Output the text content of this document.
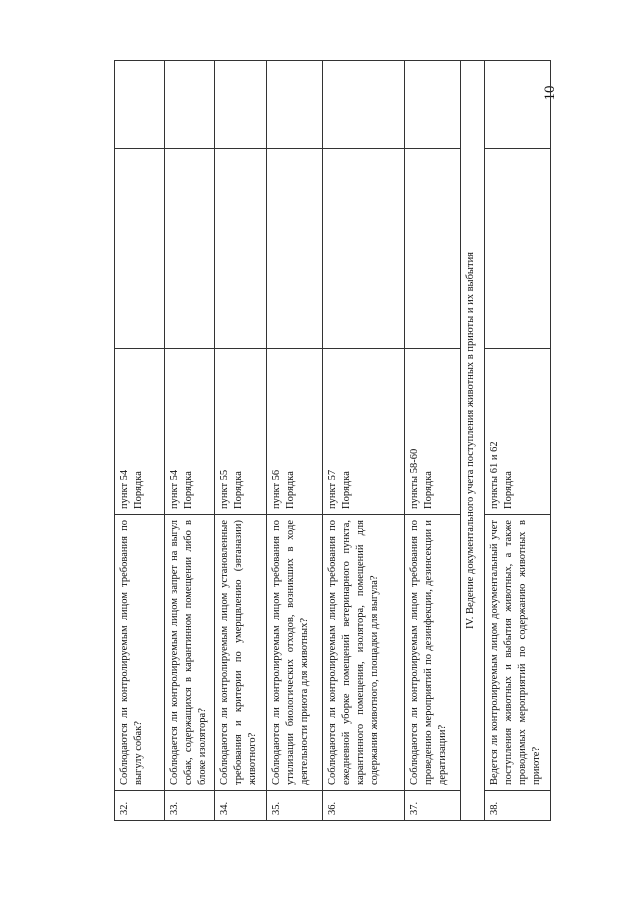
10
32.	Соблюдаются ли контролируемым лицом требования по выгулу собак?	пункт 54
Порядка		
33.	Соблюдается ли контролируемым лицом запрет на выгул собак, содержащихся в карантинном помещении либо в блоке изолятора?	пункт 54
Порядка		
34.	Соблюдаются ли контролируемым лицом установленные требования и критерии по умерщвлению (эвтаназии) животного?	пункт 55
Порядка		
35.	Соблюдаются ли контролируемым лицом требования по утилизации биологических отходов, возникших в ходе деятельности приюта для животных?	пункт 56
Порядка		
36.	Соблюдаются ли контролируемым лицом требования по ежедневной уборке помещений ветеринарного пункта, карантинного помещения, изолятора, помещений для содержания животного, площадки для выгула?	пункт 57
Порядка		
37.	Соблюдаются ли контролируемым лицом требования по проведению мероприятий по дезинфекции, дезинсекции и дератизации?	пункты 58-60
Порядка		
IV. Ведение документального учета поступления животных в приюты и их выбытия				
38.	Ведется ли контролируемым лицом документальный учет поступления животных и выбытия животных, а также проводимых мероприятий по содержанию животных в приюте?	пункты 61 и 62
Порядка		
